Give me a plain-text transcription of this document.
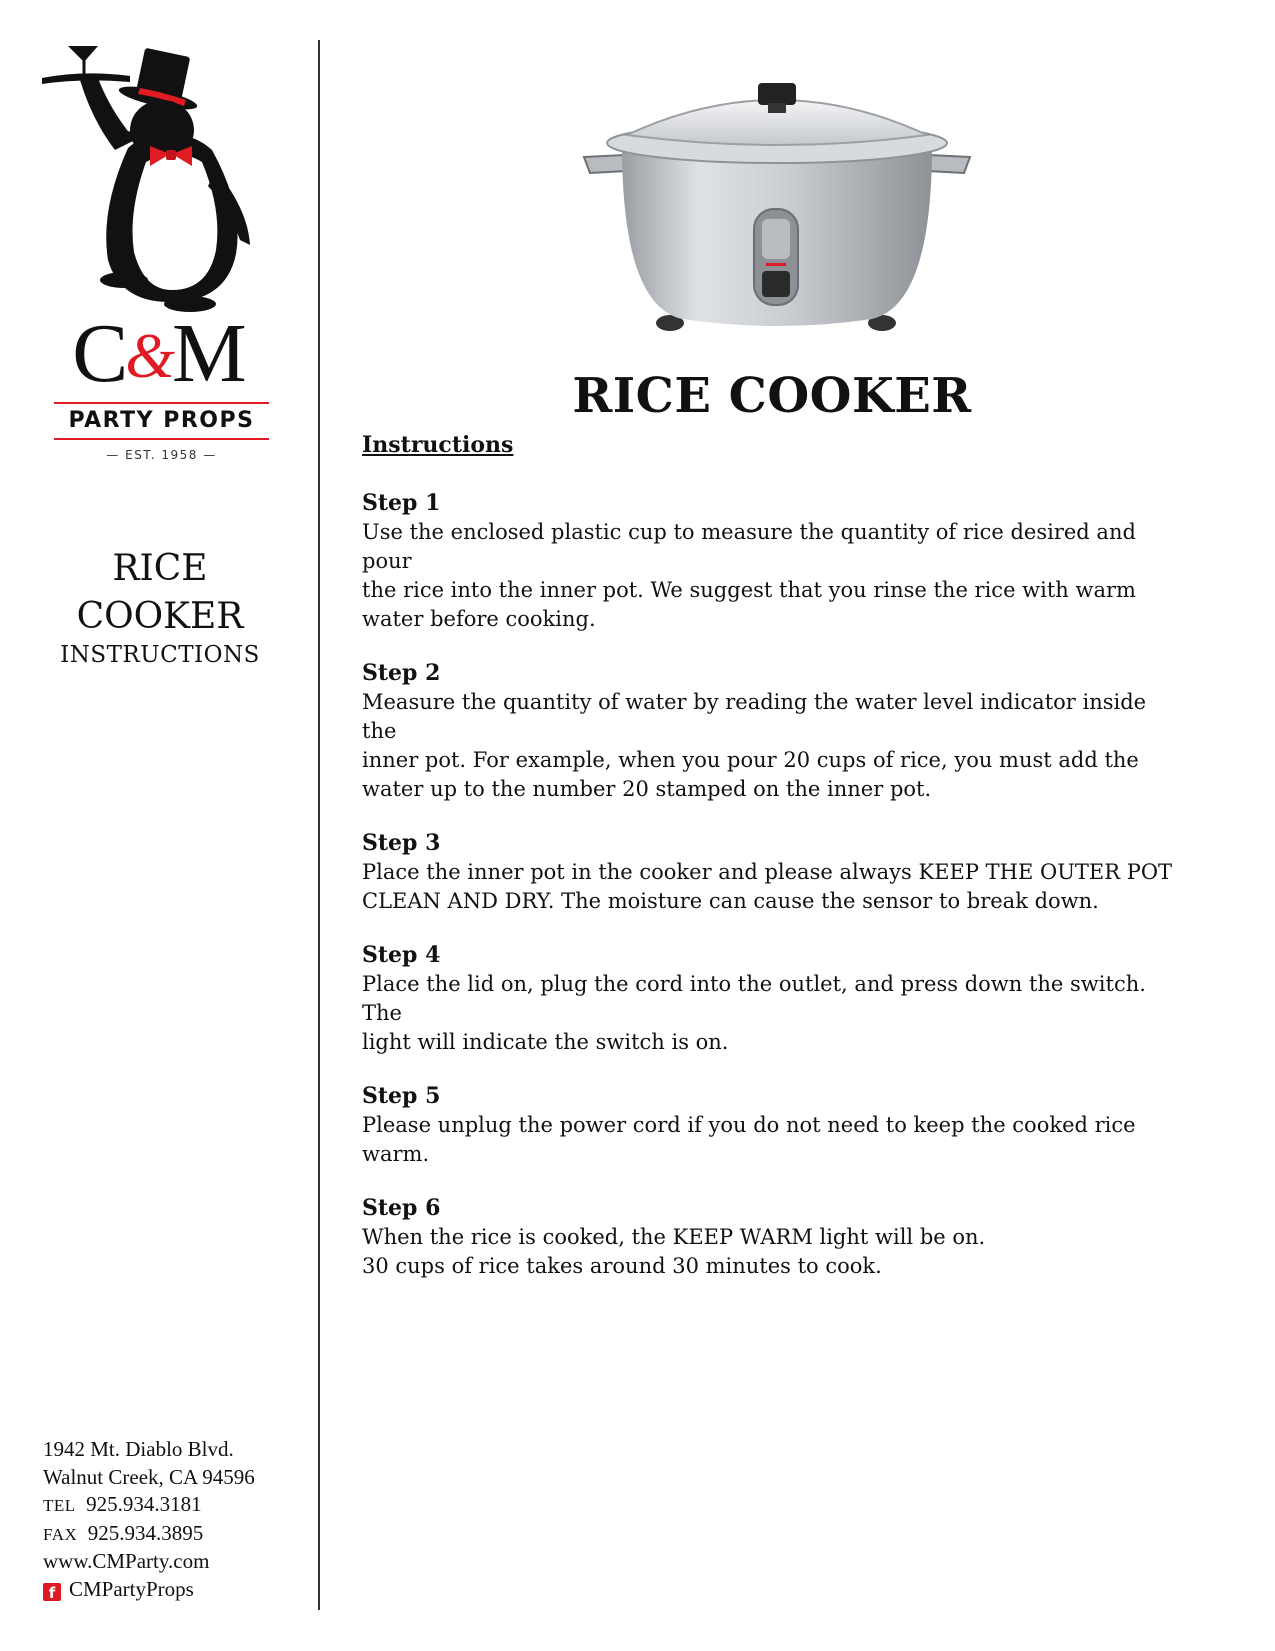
C&M
PARTY PROPS
— EST. 1958 —
RICE
COOKER
INSTRUCTIONS
1942 Mt. Diablo Blvd.
Walnut Creek, CA 94596
TEL 925.934.3181
FAX 925.934.3895
www.CMParty.com
f CMPartyProps
RICE COOKER
Instructions
Step 1
Use the enclosed plastic cup to measure the quantity of rice desired and pour
the rice into the inner pot. We suggest that you rinse the rice with warm
water before cooking.
Step 2
Measure the quantity of water by reading the water level indicator inside the
inner pot. For example, when you pour 20 cups of rice, you must add the
water up to the number 20 stamped on the inner pot.
Step 3
Place the inner pot in the cooker and please always KEEP THE OUTER POT
CLEAN AND DRY. The moisture can cause the sensor to break down.
Step 4
Place the lid on, plug the cord into the outlet, and press down the switch. The
light will indicate the switch is on.
Step 5
Please unplug the power cord if you do not need to keep the cooked rice
warm.
Step 6
When the rice is cooked, the KEEP WARM light will be on.
30 cups of rice takes around 30 minutes to cook.
